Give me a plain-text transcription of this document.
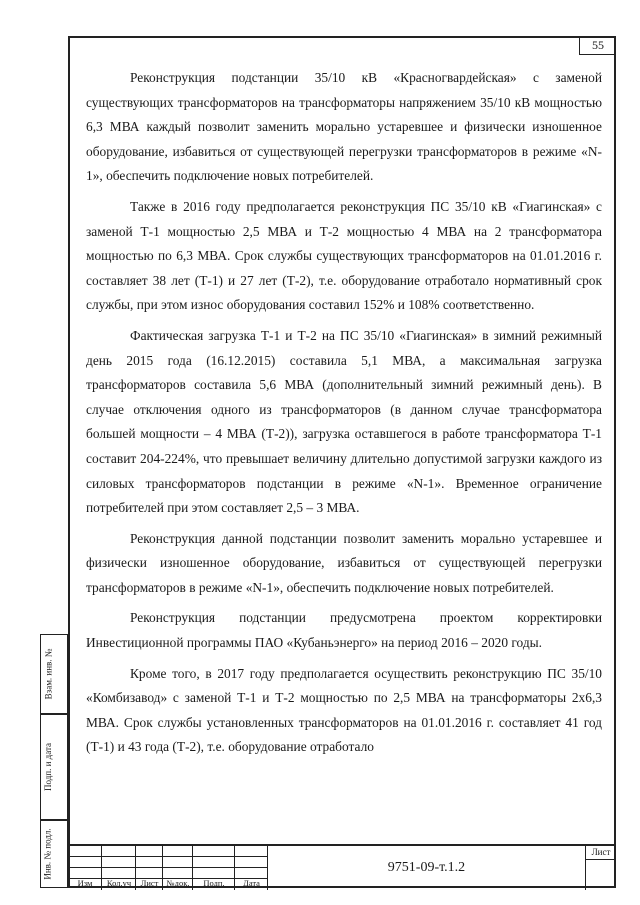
55

Реконструкция подстанции 35/10 кВ «Красногвардейская» с заменой существующих трансформаторов на трансформаторы напряжением 35/10 кВ мощностью 6,3 МВА каждый позволит заменить морально устаревшее и физически изношенное оборудование, избавиться от существующей перегрузки трансформаторов в режиме «N-1», обеспечить подключение новых потребителей.

Также в 2016 году предполагается реконструкция ПС 35/10 кВ «Гиагинская» с заменой Т-1 мощностью 2,5 МВА и Т-2 мощностью 4 МВА на 2 трансформатора мощностью по 6,3 МВА. Срок службы существующих трансформаторов на 01.01.2016 г. составляет 38 лет (Т-1) и 27 лет (Т-2), т.е. оборудование отработало нормативный срок службы, при этом износ оборудования составил 152% и 108% соответственно.

Фактическая загрузка Т-1 и Т-2 на ПС 35/10 «Гиагинская» в зимний режимный день 2015 года (16.12.2015) составила 5,1 МВА, а максимальная загрузка трансформаторов составила 5,6 МВА (дополнительный зимний режимный день). В случае отключения одного из трансформаторов (в данном случае трансформатора большей мощности – 4 МВА (Т-2)), загрузка оставшегося в работе трансформатора Т-1 составит 204-224%, что превышает величину длительно допустимой загрузки каждого из силовых трансформаторов подстанции в режиме «N-1». Временное ограничение потребителей при этом составляет 2,5 – 3 МВА.

Реконструкция данной подстанции позволит заменить морально устаревшее и физически изношенное оборудование, избавиться от существующей перегрузки трансформаторов в режиме «N-1», обеспечить подключение новых потребителей.

Реконструкция подстанции предусмотрена проектом корректировки Инвестиционной программы ПАО «Кубаньэнерго» на период 2016 – 2020 годы.

Кроме того, в 2017 году предполагается осуществить реконструкцию ПС 35/10 «Комбизавод» с заменой Т-1 и Т-2 мощностью по 2,5 МВА на трансформаторы 2х6,3 МВА. Срок службы установленных трансформаторов на 01.01.2016 г. составляет 41 год (Т-1) и 43 года (Т-2), т.е. оборудование отработало

Взам. инв. №
Подп. и дата
Инв. № подл.
Изм	Кол.уч	Лист №док.	Подп.	Дата
9751-09-т.1.2
Лист
